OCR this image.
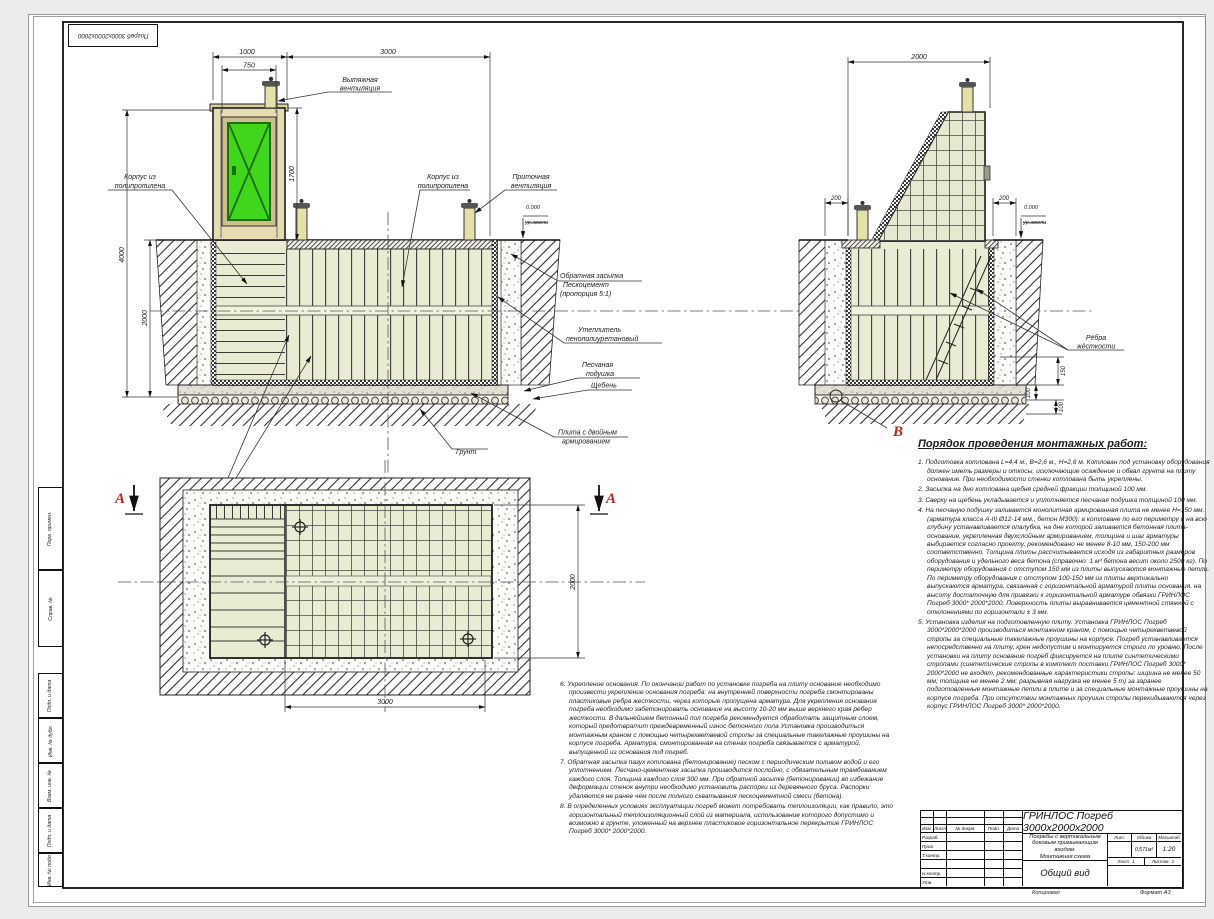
1000	3000
750
1700
4000
2000
0.000
ур.земли
Вытяжная
вентиляция
Корпус из
полипропилена
Корпус из
полипропилена
Приточная
вентиляция
Обратная засыпка
Пескоцемент
(пропорция 5:1)
Утеплитель
пенополиуретановый
Песчаная
подушка
Щебень
Плита с двойным
армированием
Грунт
2000
200	200
150
100
100
0.000
ур.земли
Рёбра
жёсткости
В
А	А
3000
2000

6. Укрепление основания. По окончании работ по установке погреба на плиту основание необходимо произвести укрепление основания погреба: на внутренней поверхности погреба смонтированы пластиковые ребра жесткости, через которые пропущена арматура. Для укрепления основания погреба необходимо забетонировать основание на высоту 10-20 мм выше верхнего края ребер жесткости. В дальнейшем бетонный пол погреба рекомендуется обработать защитным слоем, который предотвратит преждевременный износ бетонного пола Установка производиться монтажным краном с помощью четырехветвевой стропы за специальные такелажные проушины на корпусе погреба. Арматура, смонтированная на стенах погреба связывается с арматурой, выпущенной из основания под погреб.

7. Обратная засыпка пазух котлована (бетонирование) песком с периодическим поливом водой и его уплотнением. Песчано-цементная засыпка производится послойно, с обязательным трамбованием каждого слоя. Толщина каждого слоя 300 мм. При обратной засыпке (бетонировании) во избежание деформации стенок внутри необходимо установить распорки из деревянного бруса. Распорки удаляются не ранее чем после полного схватывания пескоцементной смеси (бетона).

8. В определенных условиях эксплуатации погреб может потребовать теплоизоляции, как правило, это горизонтальный теплоизоляционный слой из материала, использование которого допустимо и возможно в грунте, уложенный на верхнее пластиковое горизонтальное перекрытие ГРИНЛОС Погреб 3000* 2000*2000.

Порядок проведения монтажных работ:

1. Подготовка котлована L=4,4 м., B=2,6 м., H=2,6 м. Котлован под установку оборудования должен иметь размеры и откосы, исключающие осаждение и обвал грунта на плиту основание. При необходимости стенки котлована быть укреплены.

2. Засыпка на дно котлована щебня средней фракции толщиной 100 мм.

3. Сверху на щебень укладывается и уплотняется песчаная подушка толщиной 100 мм.

4. На песчаную подушку заливается монолитная армированная плита не менее Н=150 мм. (арматура класса А-III Ø12-14 мм., бетон М300): в котловане по его периметру и на всю глубину устанавливается опалубка, на дне которой заливается бетонная плита-основание, укрепленная двухслойным армированием, толщина и шаг арматуры выбирается согласно проекту, рекомендовано не менее 8-10 мм, 150-200 мм соответственно. Толщина плиты рассчитывается исходя из габаритных размеров оборудования и удельного веса бетона (справочно: 1 м³ бетона весит около 2500 кг). По периметру оборудования с отступом 150 мм из плиты выпускаются монтажные петли. По периметру оборудования с отступом 100-150 мм из плиты вертикально выпускаются арматура, связанная с горизонтальной арматурой плиты основания, на высоту достаточную для привязки к горизонтальной арматуре обвязки ГРИНЛОС Погреб 3000* 2000*2000. Поверхность плиты выравнивается цементной стяжкой с отклонениями по горизонтали ± 3 мм.

5. Установка изделия на подготовленную плиту. Установка ГРИНЛОС Погреб 3000*2000*2000 производиться монтажном краном, с помощью четырехветвевой стропы за специальные такелажные проушины на корпусе. Погреб устанавливается непосредственно на плиту, крен недопустим и монтируется строго по уровню. После установки на плиту основание погреб фиксируется на плите синтетическими стропами (синтетические стропы в комплект поставки ГРИНЛОС Погреб 3000* 2000*2000 не входят, рекомендованные характеристики стропы: ширина не менее 50 мм; толщина не менее 2 мм; разрывная нагрузка не менее 5 т) за заранее подготовленные монтажные петли в плите и за специальные монтажные проушины на корпусе погреба. При отсутствии монтажных проушин стропы перекидываются через корпус ГРИНЛОС Погреб 3000* 2000*2000.

Изм. Лист	№ докум.	Подп.	Дата
Разраб.
Пров.
Т.контр.
Н.контр.
Утв.
ГРИНЛОС Погреб 3000х2000х2000
Погребы с вертикальным
боковым примыкающим
входом.
Монтажная схема
Общий вид
Лит.	Объем	Масштаб
0,571м³	1:20
Лист 1	Листов 2
Копировал	Формат А3
Погреб 3000х2000х2000
Перв. примен.
Справ. №
Подп. и дата
Инв. № дубл.
Взам. инв. №
Подп. и дата
Инв. № подл.
